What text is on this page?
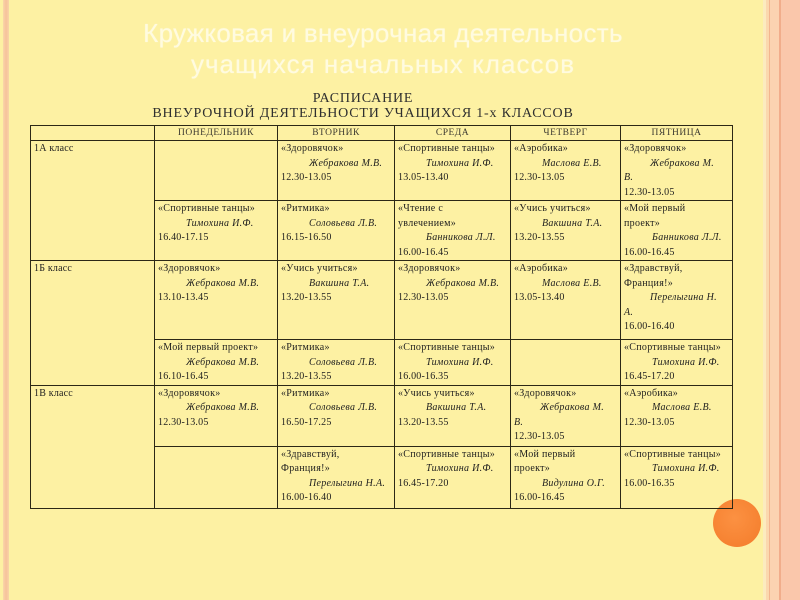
Кружковая и внеурочная деятельность
учащихся начальных классов
РАСПИСАНИЕ
ВНЕУРОЧНОЙ ДЕЯТЕЛЬНОСТИ УЧАЩИХСЯ 1-х КЛАССОВ
	ПОНЕДЕЛЬНИК	ВТОРНИК	СРЕДА	ЧЕТВЕРГ	ПЯТНИЦА
1А класс		«Здоровячок»
Жебракова М.В.
12.30-13.05	«Спортивные танцы»
Тимохина И.Ф.
13.05-13.40	«Аэробика»
Маслова Е.В.
12.30-13.05	«Здоровячок»
Жебракова М.В.
12.30-13.05

	«Спортивные танцы»
Тимохина И.Ф.
16.40-17.15	«Ритмика»
Соловьева Л.В.
16.15-16.50	«Чтение с увлечением»
Банникова Л.Л.
16.00-16.45	«Учись учиться»
Вакшина Т.А.
13.20-13.55	«Мой первый проект»
Банникова Л.Л.
16.00-16.45

1Б класс	«Здоровячок»
Жебракова М.В.
13.10-13.45	«Учись учиться»
Вакшина Т.А.
13.20-13.55	«Здоровячок»
Жебракова М.В.
12.30-13.05	«Аэробика»
Маслова Е.В.
13.05-13.40	«Здравствуй, Франция!»
Перелыгина Н.А.
16.00-16.40

	«Мой первый проект»
Жебракова М.В.
16.10-16.45	«Ритмика»
Соловьева Л.В.
13.20-13.55	«Спортивные танцы»
Тимохина И.Ф.
16.00-16.35		«Спортивные танцы»
Тимохина И.Ф.
16.45-17.20

1В класс	«Здоровячок»
Жебракова М.В.
12.30-13.05	«Ритмика»
Соловьева Л.В.
16.50-17.25	«Учись учиться»
Вакшина Т.А.
13.20-13.55	«Здоровячок»
Жебракова М.В.
12.30-13.05	«Аэробика»
Маслова Е.В.
12.30-13.05

		«Здравствуй, Франция!»
Перелыгина Н.А.
16.00-16.40	«Спортивные танцы»
Тимохина И.Ф.
16.45-17.20	«Мой первый проект»
Видулина О.Г.
16.00-16.45	«Спортивные танцы»
Тимохина И.Ф.
16.00-16.35
